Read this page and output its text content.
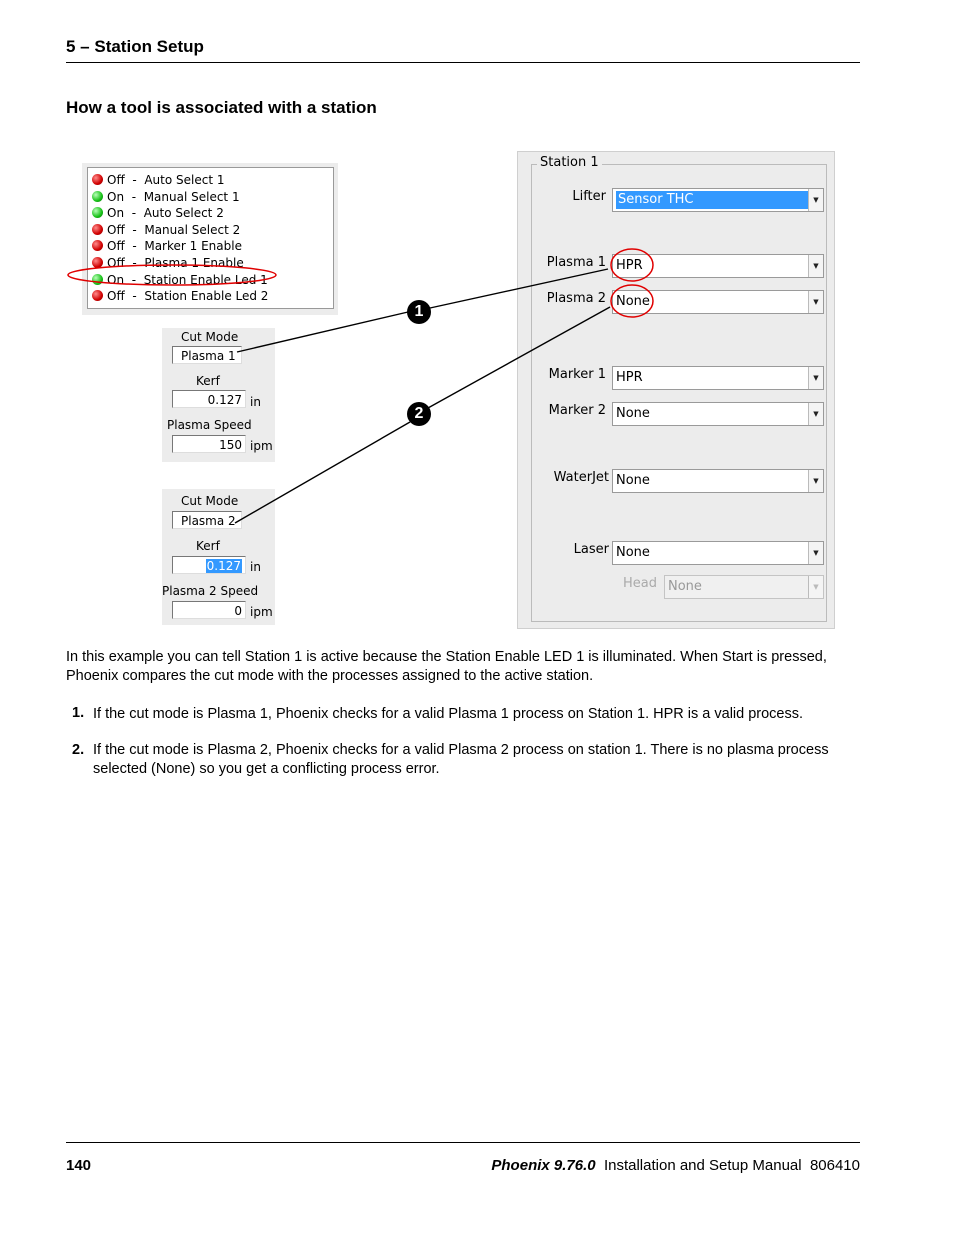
5 – Station Setup
How a tool is associated with a station
Off - Auto Select 1
On - Manual Select 1
On - Auto Select 2
Off - Manual Select 2
Off - Marker 1 Enable
Off - Plasma 1 Enable
On - Station Enable Led 1
Off - Station Enable Led 2
Cut Mode
Plasma 1
Kerf
0.127 in
Plasma Speed
150 ipm
Cut Mode
Plasma 2
Kerf
0.127 in
Plasma 2 Speed
0 ipm
Station 1
Lifter Sensor THC	▼
Plasma 1 HPR	▼
Plasma 2 None	▼
Marker 1 HPR	▼
Marker 2 None	▼
WaterJet None	▼
Laser None	▼
Head None	▼
1
2
In this example you can tell Station 1 is active because the Station Enable LED 1 is illuminated. When Start is pressed, Phoenix compares the cut mode with the processes assigned to the active station.
1. If the cut mode is Plasma 1, Phoenix checks for a valid Plasma 1 process on Station 1. HPR is a valid process.
2. If the cut mode is Plasma 2, Phoenix checks for a valid Plasma 2 process on station 1. There is no plasma process selected (None) so you get a conflicting process error.
140	Phoenix 9.76.0 Installation and Setup Manual 806410
